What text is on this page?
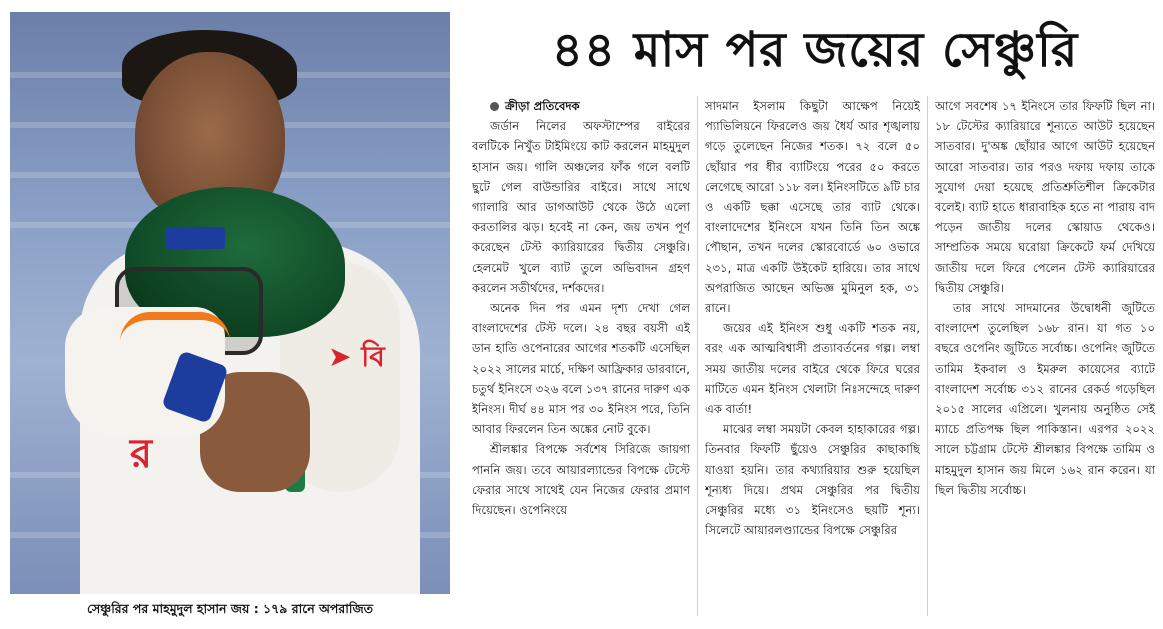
➤ বি
র
সেঞ্চুরির পর মাহমুদুল হাসান জয় : ১৭৯ রানে অপরাজিত
৪৪ মাস পর জয়ের সেঞ্চুরি

ক্রীড়া প্রতিবেদক

জর্ডান নিলের অফস্টাম্পের বাইরের বলটিকে নিখুঁত টাইমিংয়ে কাট করলেন মাহমুদুল হাসান জয়। গালি অঞ্চলের ফাঁক গলে বলটি ছুটে গেল বাউন্ডারির বাইরে। সাথে সাথে গ্যালারি আর ডাগআউট থেকে উঠে এলো করতালির ঝড়। হবেই না কেন, জয় তখন পূর্ণ করেছেন টেস্ট ক্যারিয়ারের দ্বিতীয় সেঞ্চুরি। হেলমেট খুলে ব্যাট তুলে অভিবাদন গ্রহণ করলেন সতীর্থদের, দর্শকদের।

অনেক দিন পর এমন দৃশ্য দেখা গেল বাংলাদেশের টেস্ট দলে। ২৪ বছর বয়সী এই ডান হাতি ওপেনারের আগের শতকটি এসেছিল ২০২২ সালের মার্চে, দক্ষিণ আফ্রিকার ডারবানে, চতুর্থ ইনিংসে ৩২৬ বলে ১৩৭ রানের দারুণ এক ইনিংস। দীর্ঘ ৪৪ মাস পর ৩০ ইনিংস পরে, তিনি আবার ফিরলেন তিন অঙ্কের নোট বুকে।

শ্রীলঙ্কার বিপক্ষে সর্বশেষ সিরিজে জায়গা পাননি জয়। তবে আয়ারল্যান্ডের বিপক্ষে টেস্টে ফেরার সাথে সাথেই যেন নিজের ফেরার প্রমাণ দিয়েছেন। ওপেনিংয়ে

সাদমান ইসলাম কিছুটা আক্ষেপ নিয়েই প্যাভিলিয়নে ফিরলেও জয় ধৈর্য আর শৃঙ্খলায় গড়ে তুলেছেন নিজের শতক। ৭২ বলে ৫০ ছোঁয়ার পর ধীর ব্যাটিংয়ে পরের ৫০ করতে লেগেছে আরো ১১৮ বল। ইনিংসটিতে ৯টি চার ও একটি ছক্কা এসেছে তার ব্যাট থেকে। বাংলাদেশের ইনিংসে যখন তিনি তিন অঙ্কে পৌছান, তখন দলের স্কোরবোর্ডে ৬০ ওভারে ২৩১, মাত্র একটি উইকেট হারিয়ে। তার সাথে অপরাজিত আছেন অভিজ্ঞ মুমিনুল হক, ৩১ রানে।

জয়ের এই ইনিংস শুধু একটি শতক নয়, বরং এক আত্মবিশ্বাসী প্রত্যাবর্তনের গল্প। লম্বা সময় জাতীয় দলের বাইরে থেকে ফিরে ঘরের মাটিতে এমন ইনিংস খেলাটা নিঃসন্দেহে দারুণ এক বার্তা!

মাঝের লম্বা সময়টা কেবল হাহাকারের গল্প। তিনবার ফিফটি ছুঁয়েও সেঞ্চুরির কাছাকাছি যাওয়া হয়নি। তার কথ্যারিয়ার শুরু হয়েছিল শূন্যধ্য দিয়ে। প্রথম সেঞ্চুরির পর দ্বিতীয় সেঞ্চুরির মধ্যে ৩১ ইনিংসেও ছয়টি শূন্য। সিলেটে আয়ারলণ্ড্যান্ডের বিপক্ষে সেঞ্চুরির

আগে সবশেষ ১৭ ইনিংসে তার ফিফটি ছিল না। ১৮ টেস্টের ক্যারিয়ারে শূন্যতে আউট হয়েছেন সাতবার। দু'অঙ্ক ছোঁয়ার আগে আউট হয়েছেন আরো সাতবার। তার পরও দফায় দফায় তাকে সুযোগ দেয়া হয়েছে প্রতিশ্রুতিশীল ক্রিকেটার বলেই। ব্যাট হাতে ধারাবাহিক হতে না পারায় বাদ পড়েন জাতীয় দলের স্কোয়াড থেকেও। সাম্প্রতিক সময়ে ঘরোয়া ক্রিকেটে ফর্ম দেখিয়ে জাতীয় দলে ফিরে পেলেন টেস্ট ক্যারিয়ারের দ্বিতীয় সেঞ্চুরি।

তার সাথে সাদমানের উদ্বোধনী জুটিতে বাংলাদেশ তুলেছিল ১৬৮ রান। যা গত ১০ বছরে ওপেনিং জুটিতে সর্বোচ্চ। ওপেনিং জুটিতে তামিম ইকবাল ও ইমরুল কায়েসের ব্যাটে বাংলাদেশ সর্বোচ্চ ৩১২ রানের রেকর্ড গড়েছিল ২০১৫ সালের এপ্রিলে। খুলনায় অনুষ্ঠিত সেই ম্যাচে প্রতিপক্ষ ছিল পাকিস্তান। এরপর ২০২২ সালে চট্টগ্রাম টেস্টে শ্রীলঙ্কার বিপক্ষে তামিম ও মাহমুদুল হাসান জয় মিলে ১৬২ রান করেন। যা ছিল দ্বিতীয় সর্বোচ্চ।
